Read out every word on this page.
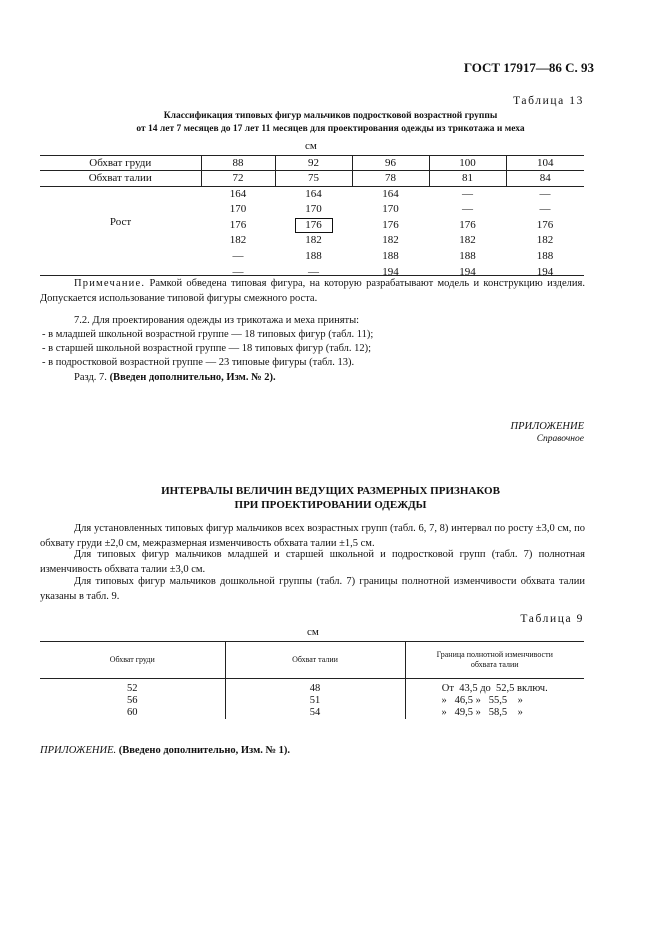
ГОСТ 17917—86 С. 93
Таблица 13
Классификация типовых фигур мальчиков подростковой возрастной группы
от 14 лет 7 месяцев до 17 лет 11 месяцев для проектирования одежды из трикотажа и меха
см
Обхват груди	88	92	96	100	104
Обхват талии	72	75	78	81	84
Рост	164	164	164	—	—
	170	170	170	—	—
	176	176	176	176	176
	182	182	182	182	182
	—	188	188	188	188
	—	—	194	194	194
Примечание. Рамкой обведена типовая фигура, на которую разрабатывают модель и конструкцию изделия. Допускается использование типовой фигуры смежного роста.
7.2. Для проектирования одежды из трикотажа и меха приняты:
- в младшей школьной возрастной группе — 18 типовых фигур (табл. 11);
- в старшей школьной возрастной группе — 18 типовых фигур (табл. 12);
- в подростковой возрастной группе — 23 типовые фигуры (табл. 13).
Разд. 7. (Введен дополнительно, Изм. № 2).
ПРИЛОЖЕНИЕ
Справочное
ИНТЕРВАЛЫ ВЕЛИЧИН ВЕДУЩИХ РАЗМЕРНЫХ ПРИЗНАКОВ
ПРИ ПРОЕКТИРОВАНИИ ОДЕЖДЫ
Для установленных типовых фигур мальчиков всех возрастных групп (табл. 6, 7, 8) интервал по росту ±3,0 см, по обхвату груди ±2,0 см, межразмерная изменчивость обхвата талии ±1,5 см.
Для типовых фигур мальчиков младшей и старшей школьной и подростковой групп (табл. 7) полнотная изменчивость обхвата талии ±3,0 см.
Для типовых фигур мальчиков дошкольной группы (табл. 7) границы полнотной изменчивости обхвата талии указаны в табл. 9.
Таблица 9
см
Обхват груди	Обхват талии	Граница полнотной изменчивости обхвата талии

52	48	От 43,5 до 52,5 включ.
56	51	» 46,5 » 55,5 »
60	54	» 49,5 » 58,5 »
ПРИЛОЖЕНИЕ. (Введено дополнительно, Изм. № 1).
